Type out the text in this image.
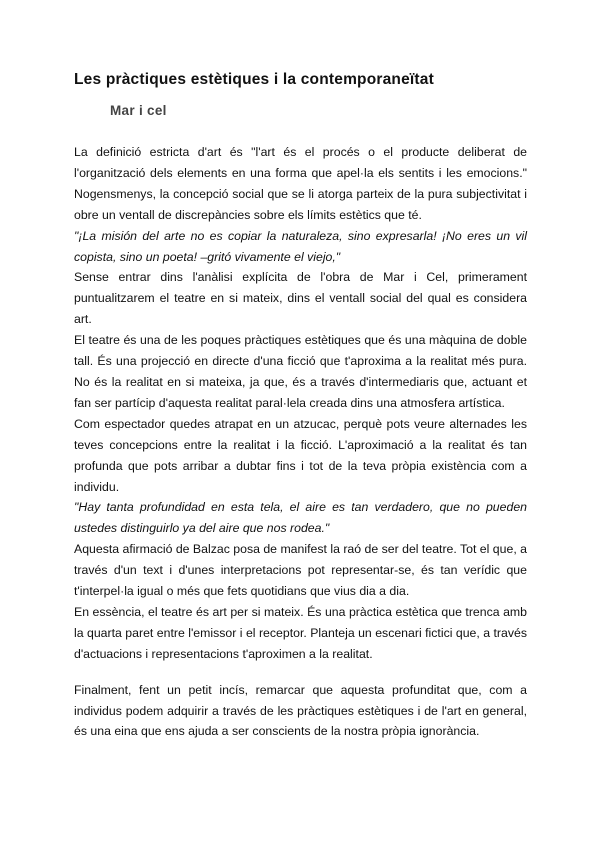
Les pràctiques estètiques i la contemporaneïtat
Mar i cel

La definició estricta d'art és "l'art és el procés o el producte deliberat de l'organització dels elements en una forma que apel·la els sentits i les emocions." Nogensmenys, la concepció social que se li atorga parteix de la pura subjectivitat i obre un ventall de discrepàncies sobre els límits estètics que té.

"¡La misión del arte no es copiar la naturaleza, sino expresarla! ¡No eres un vil copista, sino un poeta! –gritó vivamente el viejo,"

Sense entrar dins l'anàlisi explícita de l'obra de Mar i Cel, primerament puntualitzarem el teatre en si mateix, dins el ventall social del qual es considera art.

El teatre és una de les poques pràctiques estètiques que és una màquina de doble tall. És una projecció en directe d'una ficció que t'aproxima a la realitat més pura. No és la realitat en si mateixa, ja que, és a través d'intermediaris que, actuant et fan ser partícip d'aquesta realitat paral·lela creada dins una atmosfera artística.

Com espectador quedes atrapat en un atzucac, perquè pots veure alternades les teves concepcions entre la realitat i la ficció. L'aproximació a la realitat és tan profunda que pots arribar a dubtar fins i tot de la teva pròpia existència com a individu.

"Hay tanta profundidad en esta tela, el aire es tan verdadero, que no pueden ustedes distinguirlo ya del aire que nos rodea."

Aquesta afirmació de Balzac posa de manifest la raó de ser del teatre. Tot el que, a través d'un text i d'unes interpretacions pot representar-se, és tan verídic que t'interpel·la igual o més que fets quotidians que vius dia a dia.

En essència, el teatre és art per si mateix. És una pràctica estètica que trenca amb la quarta paret entre l'emissor i el receptor. Planteja un escenari fictici que, a través d'actuacions i representacions t'aproximen a la realitat.

Finalment, fent un petit incís, remarcar que aquesta profunditat que, com a individus podem adquirir a través de les pràctiques estètiques i de l'art en general, és una eina que ens ajuda a ser conscients de la nostra pròpia ignorància.
